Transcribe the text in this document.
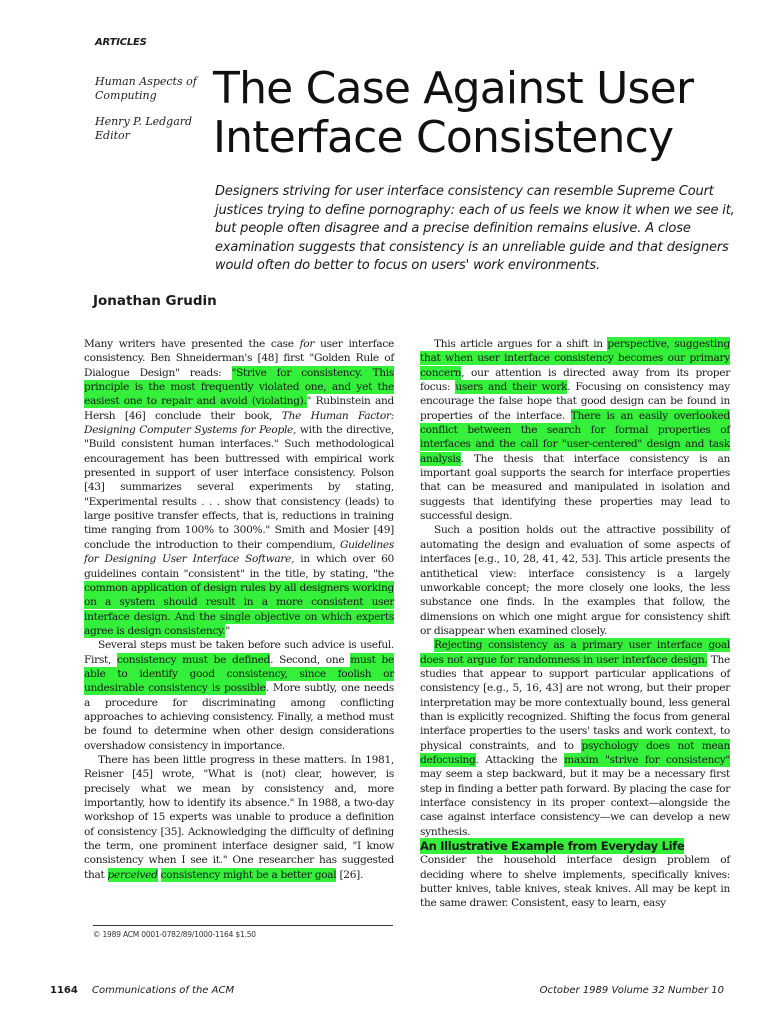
ARTICLES
Human Aspects of Computing
Henry P. Ledgard
Editor
The Case Against User
Interface Consistency
Designers striving for user interface consistency can resemble Supreme Court justices trying to define pornography: each of us feels we know it when we see it, but people often disagree and a precise definition remains elusive. A close examination suggests that consistency is an unreliable guide and that designers would often do better to focus on users' work environments.
Jonathan Grudin

Many writers have presented the case for user interface consistency. Ben Shneiderman's [48] first "Golden Rule of Dialogue Design" reads: "Strive for consistency. This principle is the most frequently violated one, and yet the easiest one to repair and avoid (violating)." Rubinstein and Hersh [46] conclude their book, The Human Factor: Designing Computer Systems for People, with the directive, "Build consistent human interfaces." Such methodological encouragement has been buttressed with empirical work presented in support of user interface consistency. Polson [43] summarizes several experiments by stating, "Experimental results . . . show that consistency (leads) to large positive transfer effects, that is, reductions in training time ranging from 100% to 300%." Smith and Mosier [49] conclude the introduction to their compendium, Guidelines for Designing User Interface Software, in which over 60 guidelines contain "consistent" in the title, by stating, "the common application of design rules by all designers working on a system should result in a more consistent user interface design. And the single objective on which experts agree is design consistency."

Several steps must be taken before such advice is useful. First, consistency must be defined. Second, one must be able to identify good consistency, since foolish or undesirable consistency is possible. More subtly, one needs a procedure for discriminating among conflicting approaches to achieving consistency. Finally, a method must be found to determine when other design considerations overshadow consistency in importance.

There has been little progress in these matters. In 1981, Reisner [45] wrote, "What is (not) clear, however, is precisely what we mean by consistency and, more importantly, how to identify its absence." In 1988, a two-day workshop of 15 experts was unable to produce a definition of consistency [35]. Acknowledging the difficulty of defining the term, one prominent interface designer said, "I know consistency when I see it." One researcher has suggested that perceived consistency might be a better goal [26].

This article argues for a shift in perspective, suggesting that when user interface consistency becomes our primary concern, our attention is directed away from its proper focus: users and their work. Focusing on consistency may encourage the false hope that good design can be found in properties of the interface. There is an easily overlooked conflict between the search for formal properties of interfaces and the call for "user-centered" design and task analysis. The thesis that interface consistency is an important goal supports the search for interface properties that can be measured and manipulated in isolation and suggests that identifying these properties may lead to successful design.

Such a position holds out the attractive possibility of automating the design and evaluation of some aspects of interfaces [e.g., 10, 28, 41, 42, 53]. This article presents the antithetical view: interface consistency is a largely unworkable concept; the more closely one looks, the less substance one finds. In the examples that follow, the dimensions on which one might argue for consistency shift or disappear when examined closely.

Rejecting consistency as a primary user interface goal does not argue for randomness in user interface design. The studies that appear to support particular applications of consistency [e.g., 5, 16, 43] are not wrong, but their proper interpretation may be more contextually bound, less general than is explicitly recognized. Shifting the focus from general interface properties to the users' tasks and work context, to physical constraints, and to psychology does not mean defocusing. Attacking the maxim "strive for consistency" may seem a step backward, but it may be a necessary first step in finding a better path forward. By placing the case for interface consistency in its proper context—alongside the case against interface consistency—we can develop a new synthesis.

An Illustrative Example from Everyday Life

Consider the household interface design problem of deciding where to shelve implements, specifically knives: butter knives, table knives, steak knives. All may be kept in the same drawer. Consistent, easy to learn, easy

© 1989 ACM 0001-0782/89/1000-1164 $1.50
1164 Communications of the ACM	October 1989 Volume 32 Number 10
